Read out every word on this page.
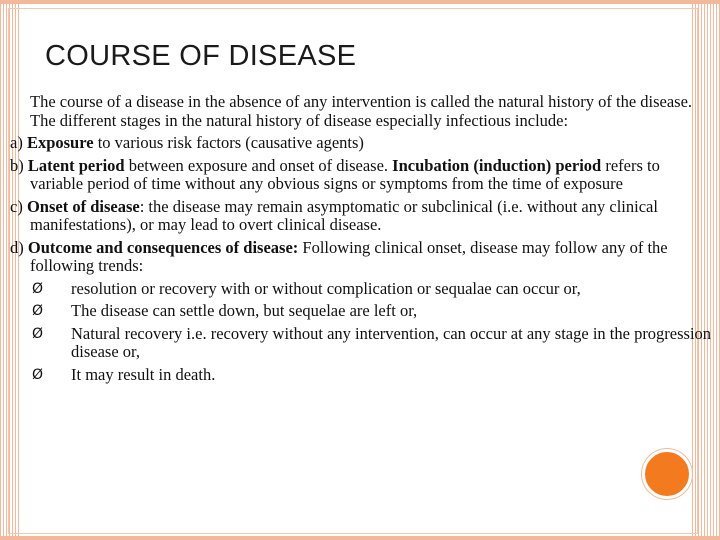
COURSE OF DISEASE

The course of a disease in the absence of any intervention is called the natural history of the disease. The different stages in the natural history of disease especially infectious include:

a) Exposure to various risk factors (causative agents)

b) Latent period between exposure and onset of disease. Incubation (induction) period refers to variable period of time without any obvious signs or symptoms from the time of exposure

c) Onset of disease: the disease may remain asymptomatic or subclinical (i.e. without any clinical manifestations), or may lead to overt clinical disease.

d) Outcome and consequences of disease: Following clinical onset, disease may follow any of the following trends:

Ø resolution or recovery with or without complication or sequalae can occur or,
Ø The disease can settle down, but sequelae are left or,
Ø Natural recovery i.e. recovery without any intervention, can occur at any stage in the progression disease or,
Ø It may result in death.
